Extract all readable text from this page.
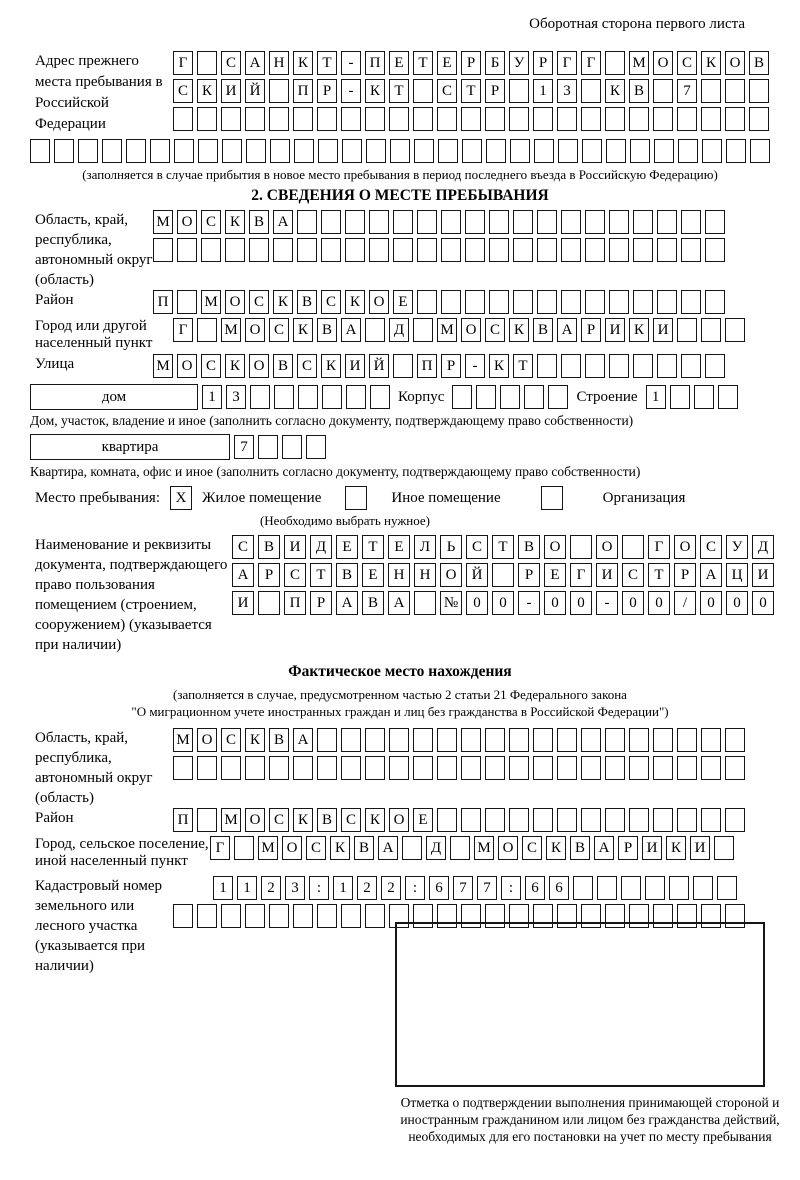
Оборотная сторона первого листа
Адрес прежнего места пребывания в Российской Федерации
Г	С А Н К Т	-	П Е Т Е	Р	Б У Р	Г	Г	М О С К О В
С К И Й	П Р	-	К Т	С Т	Р	1	3	К В	7
(заполняется в случае прибытия в новое место пребывания в период последнего въезда в Российскую Федерацию)
2. СВЕДЕНИЯ О МЕСТЕ ПРЕБЫВАНИЯ
Область, край, республика, автономный округ (область)
М О С К В А
Район	П	М О С К В С К О Е
Город или другой населенный пункт
Г	М О С К В А	Д	М О С К В А Р И К И
Улица	М О С К О В С К И Й	П Р	-	К Т
дом	1	3	Корпус	Строение 1
Дом, участок, владение и иное (заполнить согласно документу, подтверждающему право собственности)
квартира	7
Квартира, комната, офис и иное (заполнить согласно документу, подтверждающему право собственности)
Место пребывания:	X	Жилое помещение	Иное помещение	Организация
(Необходимо выбрать нужное)
Наименование и реквизиты документа, подтверждающего право пользования помещением (строением, сооружением) (указывается при наличии)
С	В	И	Д	Е	Т	Е	Л	Ь	С	Т	В	О	О	Г	О	С	У	Д
А	Р	С	Т	В	Е	Н	Н	О	Й	Р	Е	Г	И	С	Т	Р	А	Ц	И
И	П	Р	А	В	А	№	0	0	-	0	0	-	0	0	/	0	0	0
Фактическое место нахождения
(заполняется в случае, предусмотренном частью 2 статьи 21 Федерального закона
"О миграционном учете иностранных граждан и лиц без гражданства в Российской Федерации")
Область, край, республика, автономный округ (область)
М О С К В А
Район	П	М О С К В С К О Е
Город, сельское поселение, иной населенный пункт
Г	М О С К В А	Д	М О С К В А Р И К И
Кадастровый номер земельного или лесного участка (указывается при наличии)
1	1	2	3	:	1	2	2	:	6	7	7	:	6	6
Отметка о подтверждении выполнения принимающей стороной и иностранным гражданином или лицом без гражданства действий, необходимых для его постановки на учет по месту пребывания
